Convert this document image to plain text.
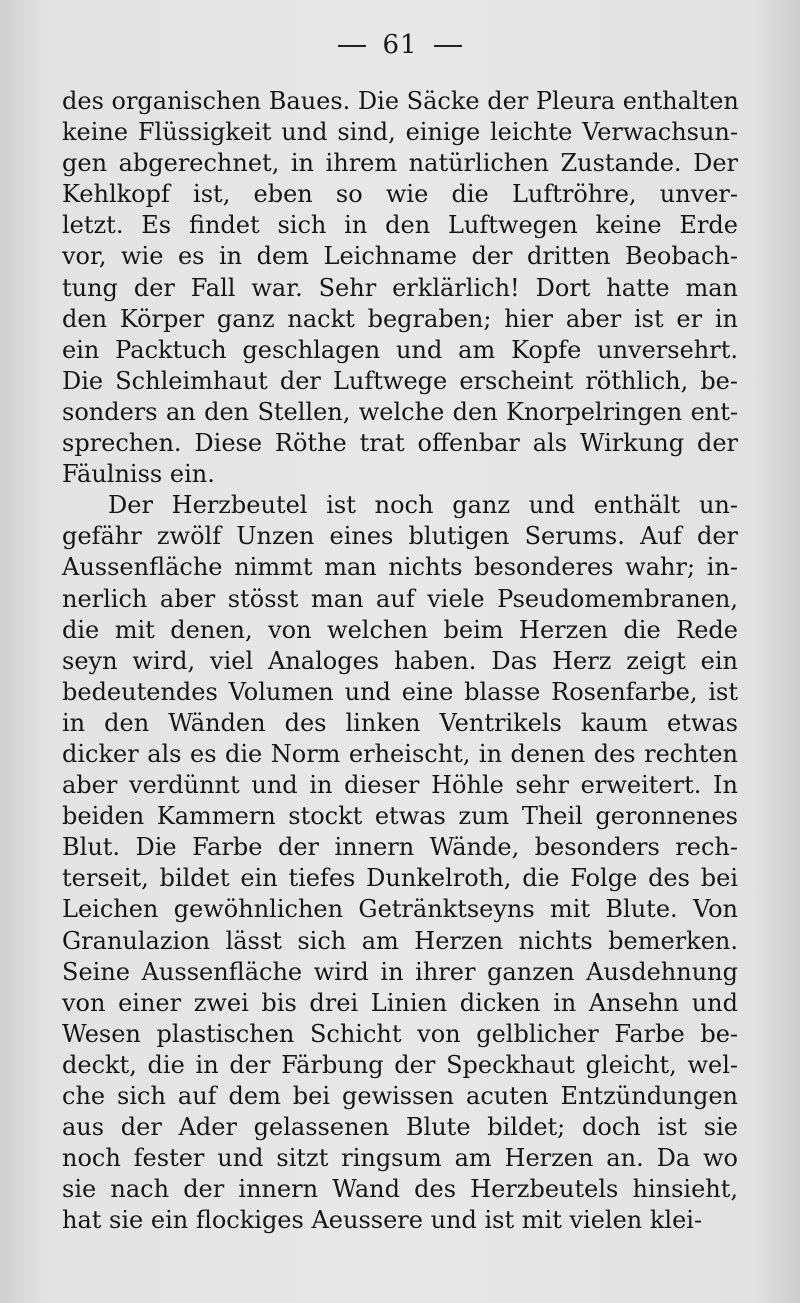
61
des organischen Baues. Die Säcke der Pleura enthalten
keine Flüssigkeit und sind, einige leichte Verwachsun-
gen abgerechnet, in ihrem natürlichen Zustande. Der
Kehlkopf ist, eben so wie die Luftröhre, unver-
letzt. Es findet sich in den Luftwegen keine Erde
vor, wie es in dem Leichname der dritten Beobach-
tung der Fall war. Sehr erklärlich! Dort hatte man
den Körper ganz nackt begraben; hier aber ist er in
ein Packtuch geschlagen und am Kopfe unversehrt.
Die Schleimhaut der Luftwege erscheint röthlich, be-
sonders an den Stellen, welche den Knorpelringen ent-
sprechen. Diese Röthe trat offenbar als Wirkung der
Fäulniss ein.
Der Herzbeutel ist noch ganz und enthält un-
gefähr zwölf Unzen eines blutigen Serums. Auf der
Aussenfläche nimmt man nichts besonderes wahr; in-
nerlich aber stösst man auf viele Pseudomembranen,
die mit denen, von welchen beim Herzen die Rede
seyn wird, viel Analoges haben. Das Herz zeigt ein
bedeutendes Volumen und eine blasse Rosenfarbe, ist
in den Wänden des linken Ventrikels kaum etwas
dicker als es die Norm erheischt, in denen des rechten
aber verdünnt und in dieser Höhle sehr erweitert. In
beiden Kammern stockt etwas zum Theil geronnenes
Blut. Die Farbe der innern Wände, besonders rech-
terseit, bildet ein tiefes Dunkelroth, die Folge des bei
Leichen gewöhnlichen Getränktseyns mit Blute. Von
Granulazion lässt sich am Herzen nichts bemerken.
Seine Aussenfläche wird in ihrer ganzen Ausdehnung
von einer zwei bis drei Linien dicken in Ansehn und
Wesen plastischen Schicht von gelblicher Farbe be-
deckt, die in der Färbung der Speckhaut gleicht, wel-
che sich auf dem bei gewissen acuten Entzündungen
aus der Ader gelassenen Blute bildet; doch ist sie
noch fester und sitzt ringsum am Herzen an. Da wo
sie nach der innern Wand des Herzbeutels hinsieht,
hat sie ein flockiges Aeussere und ist mit vielen klei-
